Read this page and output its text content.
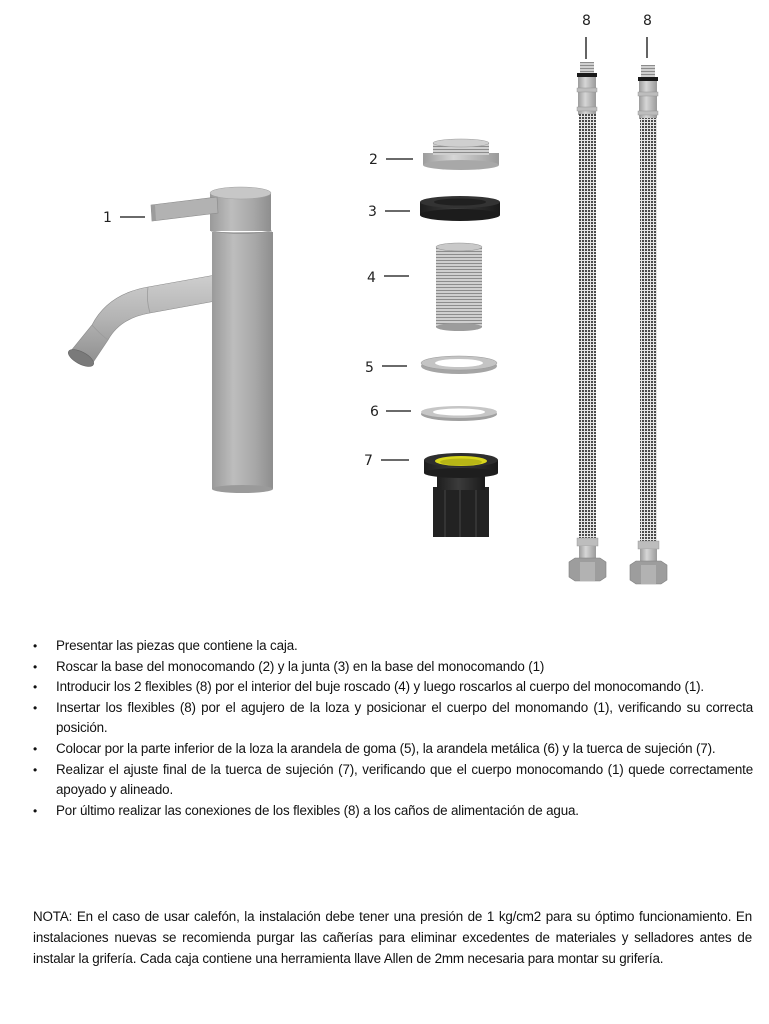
1
2
3
4
5
6
7
8	8
• Presentar las piezas que contiene la caja.
• Roscar la base del monocomando (2) y la junta (3) en la base del monocomando (1)
• Introducir los 2 flexibles (8) por el interior del buje roscado (4) y luego roscarlos al cuerpo del monocomando (1).
• Insertar los flexibles (8) por el agujero de la loza y posicionar el cuerpo del monomando (1), verificando su correcta posición.
• Colocar por la parte inferior de la loza la arandela de goma (5), la arandela metálica (6) y la tuerca de sujeción (7).
• Realizar el ajuste final de la tuerca de sujeción (7), verificando que el cuerpo monocomando (1) quede correctamente apoyado y alineado.
• Por último realizar las conexiones de los flexibles (8) a los caños de alimentación de agua.

NOTA: En el caso de usar calefón, la instalación debe tener una presión de 1 kg/cm2 para su óptimo funcionamiento. En instalaciones nuevas se recomienda purgar las cañerías para eliminar excedentes de materiales y selladores antes de instalar la grifería. Cada caja contiene una herramienta llave Allen de 2mm necesaria para montar su grifería.
